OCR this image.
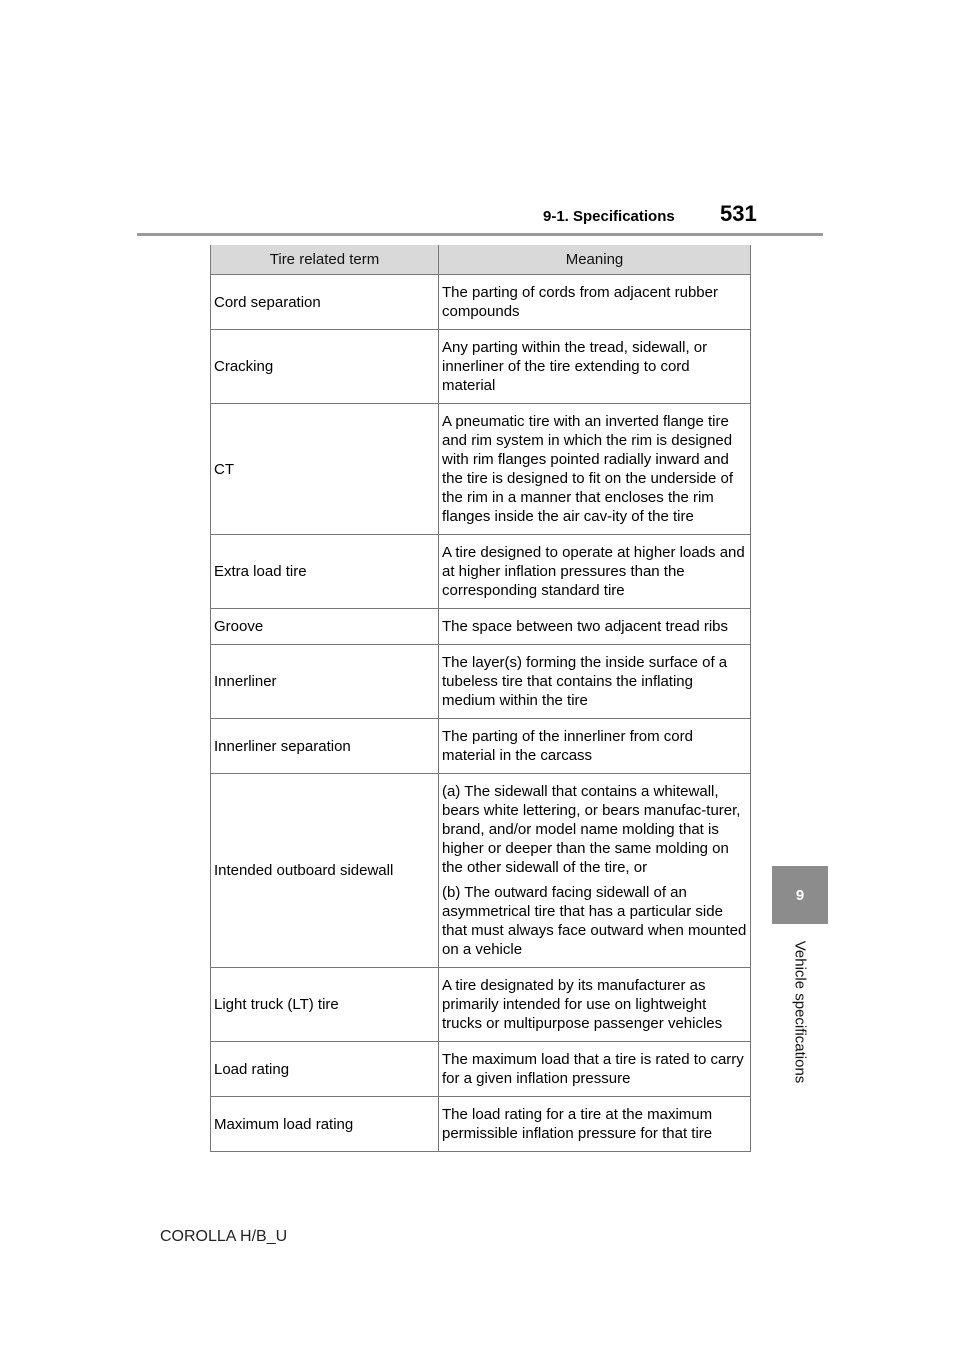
9-1. Specifications 531
9
Vehicle specifications
Tire related term	Meaning
Cord separation	The parting of cords from adjacent rubber compounds

Cracking	Any parting within the tread, sidewall, or innerliner of the tire extending to cord material

CT	A pneumatic tire with an inverted flange tire and rim system in which the rim is designed with rim flanges pointed radially inward and the tire is designed to fit on the underside of the rim in a manner that encloses the rim flanges inside the air cav-ity of the tire

Extra load tire	A tire designed to operate at higher loads and at higher inflation pressures than the corresponding standard tire

Groove	The space between two adjacent tread ribs

Innerliner	The layer(s) forming the inside surface of a tubeless tire that contains the inflating medium within the tire

Innerliner separation	The parting of the innerliner from cord material in the carcass

Intended outboard sidewall	(a) The sidewall that contains a whitewall, bears white lettering, or bears manufac-turer, brand, and/or model name molding that is higher or deeper than the same molding on the other sidewall of the tire, or
(b) The outward facing sidewall of an asymmetrical tire that has a particular side that must always face outward when mounted on a vehicle

Light truck (LT) tire	A tire designated by its manufacturer as primarily intended for use on lightweight trucks or multipurpose passenger vehicles

Load rating	The maximum load that a tire is rated to carry for a given inflation pressure

Maximum load rating	The load rating for a tire at the maximum permissible inflation pressure for that tire
COROLLA H/B_U
